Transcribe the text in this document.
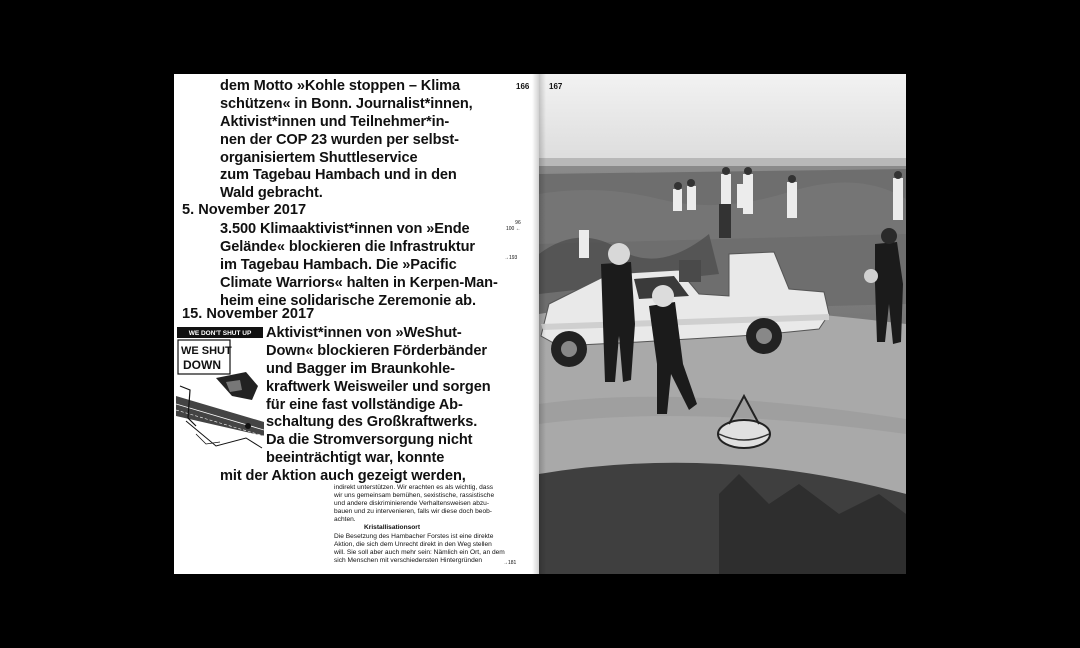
166
dem Motto »Kohle stoppen – Klima
schützen« in Bonn. Journalist*innen,
Aktivist*innen und Teilnehmer*in-
nen der COP 23 wurden per selbst-
organisiertem Shuttleservice
zum Tagebau Hambach und in den
Wald gebracht.
5. November 2017
3.500 Klimaaktivist*innen von »Ende
Gelände« blockieren die Infrastruktur
im Tagebau Hambach. Die »Pacific
Climate Warriors« halten in Kerpen-Man-
heim eine solidarische Zeremonie ab.
96
100 ←
→193
15. November 2017
WE DON'T SHUT UP
WE SHUT
DOWN
Aktivist*innen von »WeShut-
Down« blockieren Förderbänder
und Bagger im Braunkohle-
kraftwerk Weisweiler und sorgen
für eine fast vollständige Ab-
schaltung des Großkraftwerks.
Da die Stromversorgung nicht
beeinträchtigt war, konnte
mit der Aktion auch gezeigt werden,
indirekt unterstützen. Wir erachten es als wichtig, dass
wir uns gemeinsam bemühen, sexistische, rassistische
und andere diskriminierende Verhaltensweisen abzu-
bauen und zu intervenieren, falls wir diese doch beob-
achten.
Kristallisationsort
Die Besetzung des Hambacher Forstes ist eine direkte
Aktion, die sich dem Unrecht direkt in den Weg stellen
will. Sie soll aber auch mehr sein: Nämlich ein Ort, an dem
sich Menschen mit verschiedensten Hintergründen	→181
167
